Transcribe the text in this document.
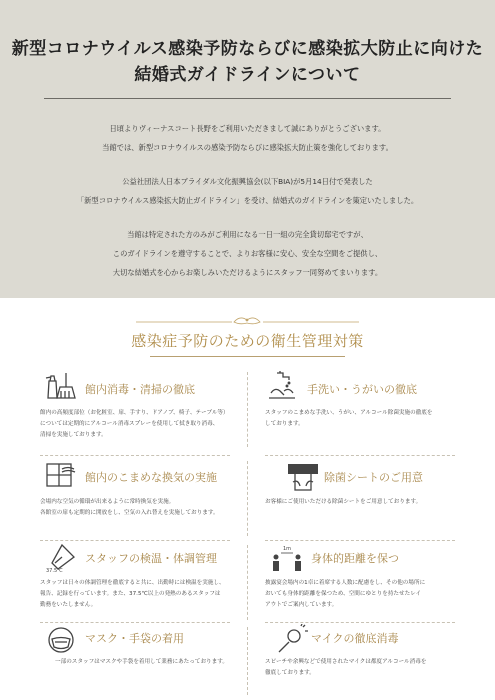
新型コロナウイルス感染予防ならびに感染拡大防止に向けた
結婚式ガイドラインについて
日頃よりヴィーナスコート長野をご利用いただきまして誠にありがとうございます。
当館では、新型コロナウイルスの感染予防ならびに感染拡大防止策を強化しております。
公益社団法人日本ブライダル文化振興協会(以下BIA)が5月14日付で発表した
「新型コロナウイルス感染拡大防止ガイドライン」を受け、結婚式のガイドラインを策定いたしました。
当館は特定された方のみがご利用になる一日一組の完全貸切邸宅ですが、
このガイドラインを遵守することで、よりお客様に安心、安全な空間をご提供し、
大切な結婚式を心からお楽しみいただけるようにスタッフ一同努めてまいります。
感染症予防のための衛生管理対策
館内消毒・清掃の徹底
館内の高頻度部位（お化粧室、扉、手すり、ドアノブ、椅子、テーブル等）
については定期的にアルコール消毒スプレーを使用して拭き取り消毒、
清掃を実施しております。
手洗い・うがいの徹底
スタッフのこまめな手洗い、うがい、アルコール除菌実施の徹底を
しております。
館内のこまめな換気の実施
会場内な空気の循環が出来るように常時換気を実施。
各館室の扉も定期的に開放をし、空気の入れ替えを実施しております。
除菌シートのご用意
お客様にご使用いただける除菌シートをご用意しております。
37.5℃
スタッフの検温・体調管理
スタッフは日々の体調管理を徹底すると共に、出勤時には検温を実施し、
報告、記録を行っています。また、37.5℃以上の発熱のあるスタッフは
勤務をいたしません。
1m
身体的距離を保つ
披露宴会場内の1卓に着席する人数に配慮をし、その他の場所に
おいても身体的距離を保つため、空間にゆとりを持たせたレイ
アウトでご案内しています。
マスク・手袋の着用
一部のスタッフはマスクや手袋を着用して業務にあたっております。
マイクの徹底消毒
スピーチや余興などで使用されたマイクは都度アルコール消毒を
徹底しております。
